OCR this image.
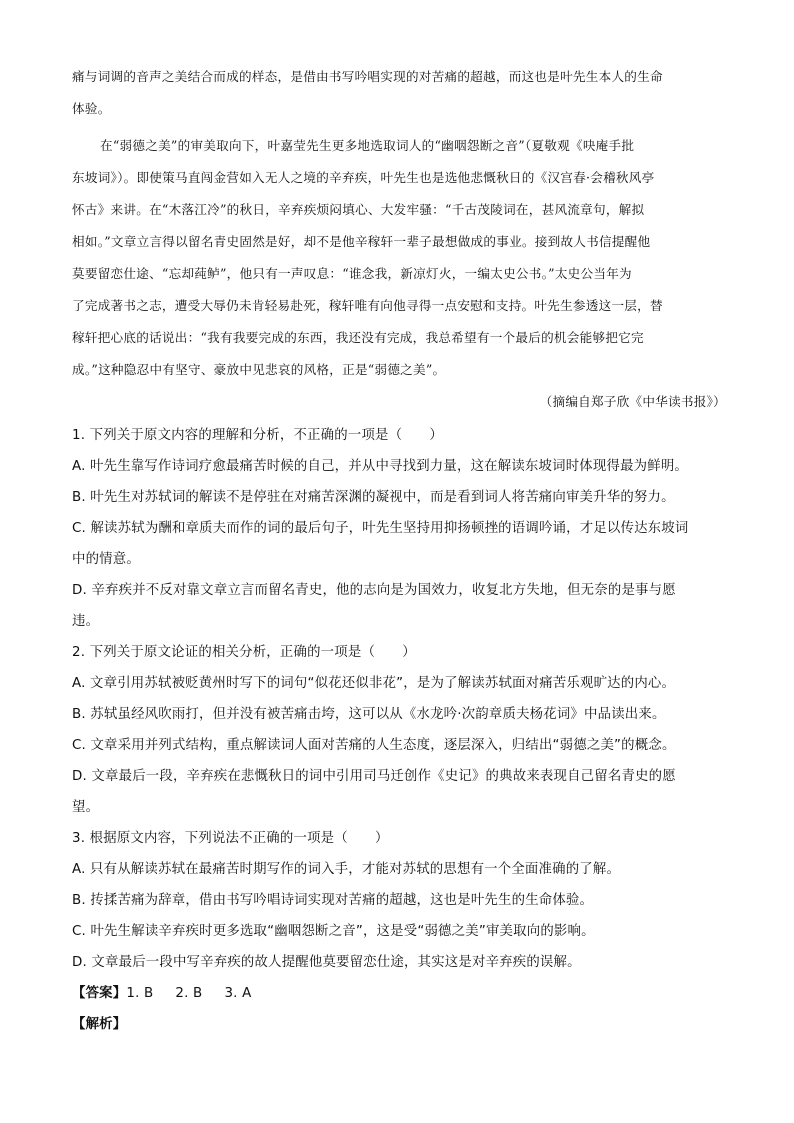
痛与词调的音声之美结合而成的样态，是借由书写吟唱实现的对苦痛的超越，而这也是叶先生本人的生命
体验。
在“弱德之美”的审美取向下，叶嘉莹先生更多地选取词人的“幽咽怨断之音”（夏敬观《吷庵手批
东坡词》）。即使策马直闯金营如入无人之境的辛弃疾，叶先生也是选他悲慨秋日的《汉宫春·会稽秋风亭
怀古》来讲。在“木落江冷”的秋日，辛弃疾烦闷填心、大发牢骚：“千古茂陵词在，甚风流章句，解拟
相如。”文章立言得以留名青史固然是好，却不是他辛稼轩一辈子最想做成的事业。接到故人书信提醒他
莫要留恋仕途、“忘却莼鲈”，他只有一声叹息：“谁念我，新凉灯火，一编太史公书。”太史公当年为
了完成著书之志，遭受大辱仍未肯轻易赴死，稼轩唯有向他寻得一点安慰和支持。叶先生参透这一层，替
稼轩把心底的话说出：“我有我要完成的东西，我还没有完成，我总希望有一个最后的机会能够把它完
成。”这种隐忍中有坚守、豪放中见悲哀的风格，正是“弱德之美”。
（摘编自郑子欣《中华读书报》）
1. 下列关于原文内容的理解和分析，不正确的一项是（　　）
A. 叶先生靠写作诗词疗愈最痛苦时候的自己，并从中寻找到力量，这在解读东坡词时体现得最为鲜明。
B. 叶先生对苏轼词的解读不是停驻在对痛苦深渊的凝视中，而是看到词人将苦痛向审美升华的努力。
C. 解读苏轼为酬和章质夫而作的词的最后句子，叶先生坚持用抑扬顿挫的语调吟诵，才足以传达东坡词
中的情意。
D. 辛弃疾并不反对靠文章立言而留名青史，他的志向是为国效力，收复北方失地，但无奈的是事与愿
违。
2. 下列关于原文论证的相关分析，正确的一项是（　　）
A. 文章引用苏轼被贬黄州时写下的词句“似花还似非花”，是为了解读苏轼面对痛苦乐观旷达的内心。
B. 苏轼虽经风吹雨打，但并没有被苦痛击垮，这可以从《水龙吟·次韵章质夫杨花词》中品读出来。
C. 文章采用并列式结构，重点解读词人面对苦痛的人生态度，逐层深入，归结出“弱德之美”的概念。
D. 文章最后一段，辛弃疾在悲慨秋日的词中引用司马迁创作《史记》的典故来表现自己留名青史的愿
望。
3. 根据原文内容，下列说法不正确的一项是（　　）
A. 只有从解读苏轼在最痛苦时期写作的词入手，才能对苏轼的思想有一个全面准确的了解。
B. 抟揉苦痛为辞章，借由书写吟唱诗词实现对苦痛的超越，这也是叶先生的生命体验。
C. 叶先生解读辛弃疾时更多选取“幽咽怨断之音”，这是受“弱德之美”审美取向的影响。
D. 文章最后一段中写辛弃疾的故人提醒他莫要留恋仕途，其实这是对辛弃疾的误解。
【答案】1. B 2. B 3. A
【解析】
